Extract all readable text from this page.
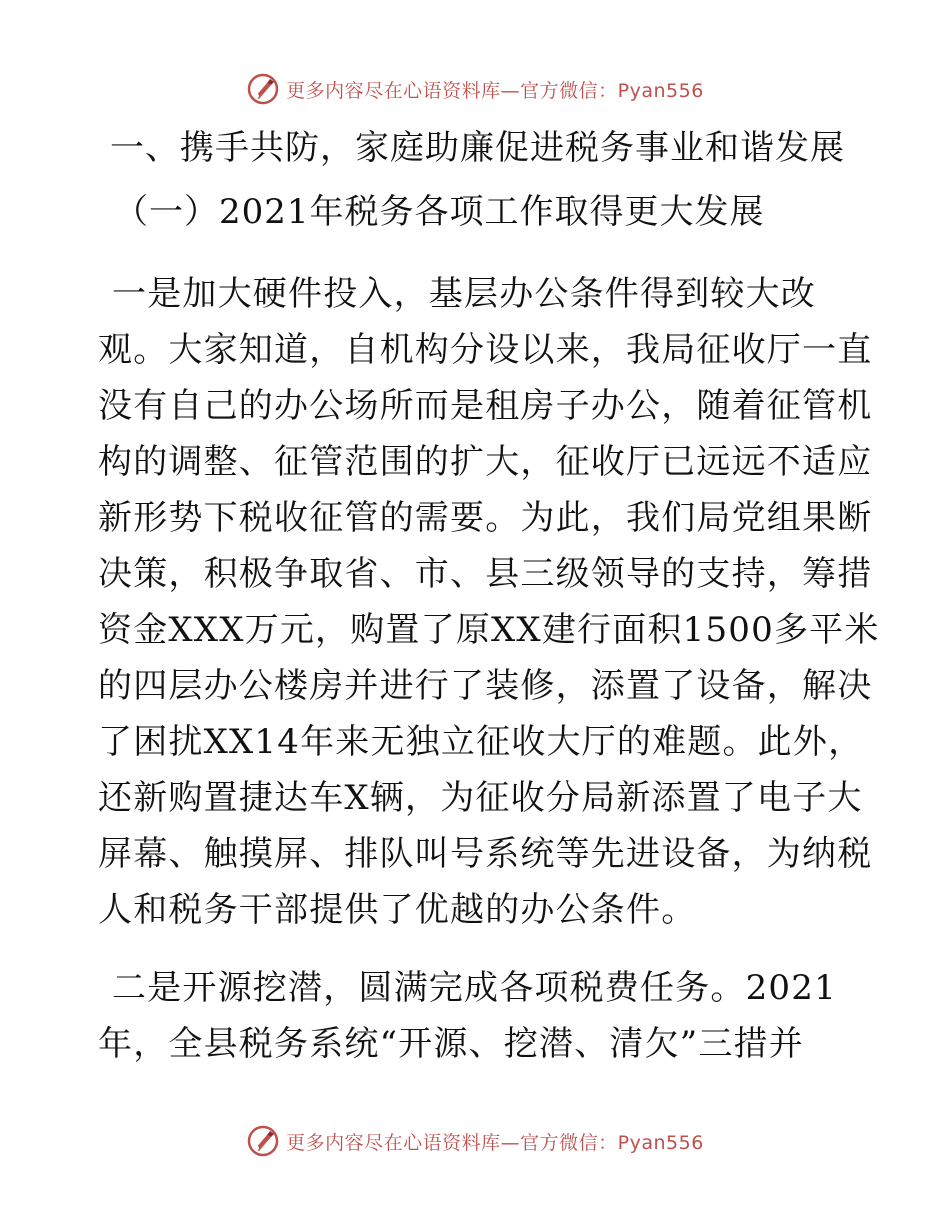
更多内容尽在心语资料库—官方微信：Pyan556
一、携手共防，家庭助廉促进税务事业和谐发展
（一）2021年税务各项工作取得更大发展
一是加大硬件投入，基层办公条件得到较大改
观。大家知道，自机构分设以来，我局征收厅一直
没有自己的办公场所而是租房子办公，随着征管机
构的调整、征管范围的扩大，征收厅已远远不适应
新形势下税收征管的需要。为此，我们局党组果断
决策，积极争取省、市、县三级领导的支持，筹措
资金XXX万元，购置了原XX建行面积1500多平米
的四层办公楼房并进行了装修，添置了设备，解决
了困扰XX14年来无独立征收大厅的难题。此外，
还新购置捷达车X辆，为征收分局新添置了电子大
屏幕、触摸屏、排队叫号系统等先进设备，为纳税
人和税务干部提供了优越的办公条件。
二是开源挖潜，圆满完成各项税费任务。2021
年，全县税务系统“开源、挖潜、清欠”三措并
更多内容尽在心语资料库—官方微信：Pyan556
